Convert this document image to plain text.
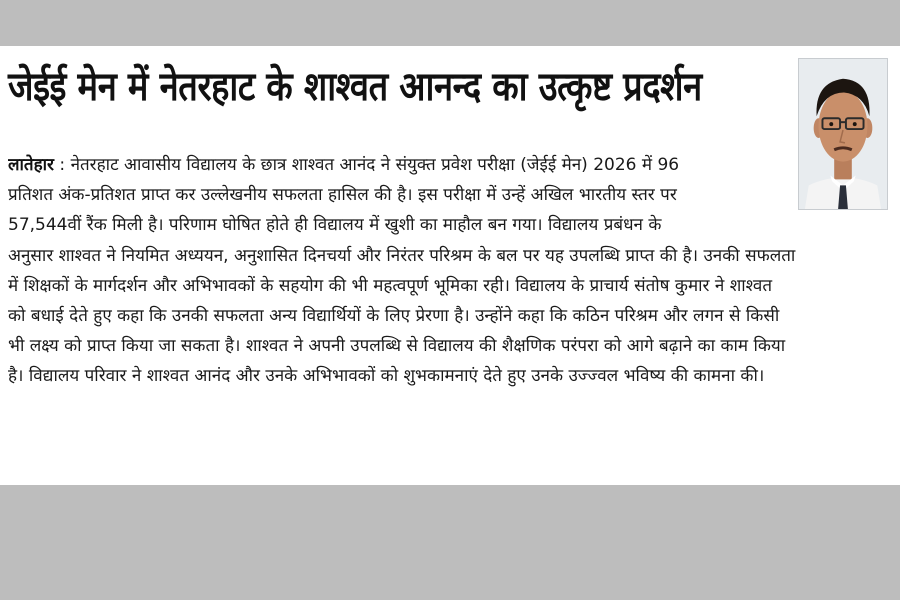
जेईई मेन में नेतरहाट के शाश्वत आनन्द का उत्कृष्ट प्रदर्शन
लातेहार : नेतरहाट आवासीय विद्यालय के छात्र शाश्वत आनंद ने संयुक्त प्रवेश परीक्षा (जेईई मेन) 2026 में 96
प्रतिशत अंक-प्रतिशत प्राप्त कर उल्लेखनीय सफलता हासिल की है। इस परीक्षा में उन्हें अखिल भारतीय स्तर पर
57,544वीं रैंक मिली है। परिणाम घोषित होते ही विद्यालय में खुशी का माहौल बन गया। विद्यालय प्रबंधन के
अनुसार शाश्वत ने नियमित अध्ययन, अनुशासित दिनचर्या और निरंतर परिश्रम के बल पर यह उपलब्धि प्राप्त की है। उनकी सफलता
में शिक्षकों के मार्गदर्शन और अभिभावकों के सहयोग की भी महत्वपूर्ण भूमिका रही। विद्यालय के प्राचार्य संतोष कुमार ने शाश्वत
को बधाई देते हुए कहा कि उनकी सफलता अन्य विद्यार्थियों के लिए प्रेरणा है। उन्होंने कहा कि कठिन परिश्रम और लगन से किसी
भी लक्ष्य को प्राप्त किया जा सकता है। शाश्वत ने अपनी उपलब्धि से विद्यालय की शैक्षणिक परंपरा को आगे बढ़ाने का काम किया
है। विद्यालय परिवार ने शाश्वत आनंद और उनके अभिभावकों को शुभकामनाएं देते हुए उनके उज्ज्वल भविष्य की कामना की।
